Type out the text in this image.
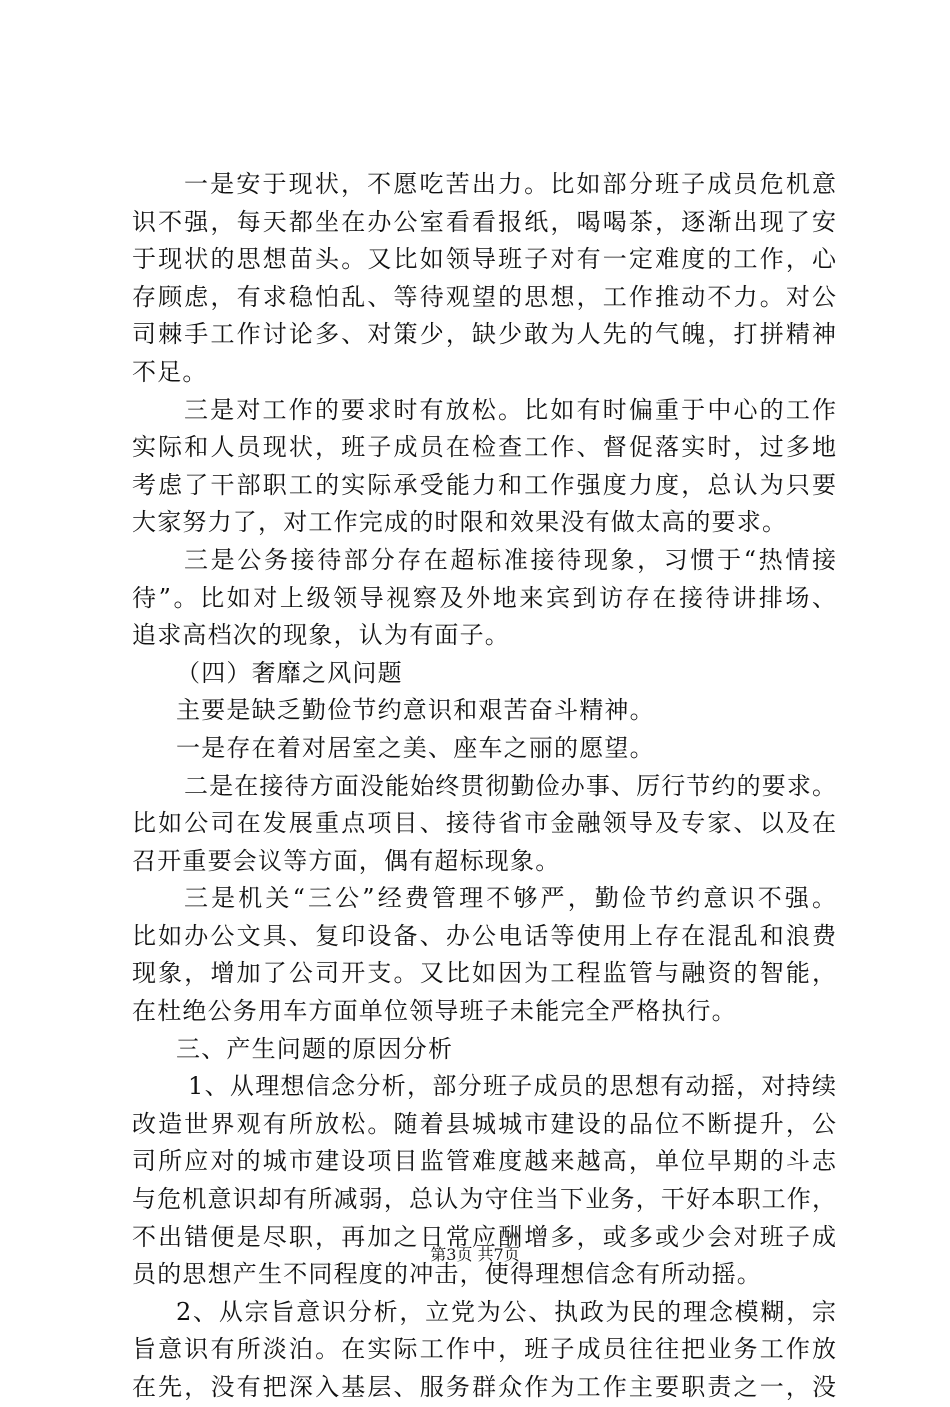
一是安于现状，不愿吃苦出力。比如部分班子成员危机意
识不强，每天都坐在办公室看看报纸，喝喝茶，逐渐出现了安
于现状的思想苗头。又比如领导班子对有一定难度的工作，心
存顾虑，有求稳怕乱、等待观望的思想，工作推动不力。对公
司棘手工作讨论多、对策少，缺少敢为人先的气魄，打拼精神
不足。
三是对工作的要求时有放松。比如有时偏重于中心的工作
实际和人员现状，班子成员在检查工作、督促落实时，过多地
考虑了干部职工的实际承受能力和工作强度力度，总认为只要
大家努力了，对工作完成的时限和效果没有做太高的要求。
三是公务接待部分存在超标准接待现象，习惯于“热情接
待”。比如对上级领导视察及外地来宾到访存在接待讲排场、
追求高档次的现象，认为有面子。
（四）奢靡之风问题
主要是缺乏勤俭节约意识和艰苦奋斗精神。
一是存在着对居室之美、座车之丽的愿望。
二是在接待方面没能始终贯彻勤俭办事、厉行节约的要求。
比如公司在发展重点项目、接待省市金融领导及专家、以及在
召开重要会议等方面，偶有超标现象。
三是机关“三公”经费管理不够严，勤俭节约意识不强。
比如办公文具、复印设备、办公电话等使用上存在混乱和浪费
现象，增加了公司开支。又比如因为工程监管与融资的智能，
在杜绝公务用车方面单位领导班子未能完全严格执行。
三、产生问题的原因分析
1、从理想信念分析，部分班子成员的思想有动摇，对持续
改造世界观有所放松。随着县城城市建设的品位不断提升，公
司所应对的城市建设项目监管难度越来越高，单位早期的斗志
与危机意识却有所减弱，总认为守住当下业务，干好本职工作，
不出错便是尽职，再加之日常应酬增多，或多或少会对班子成
员的思想产生不同程度的冲击，使得理想信念有所动摇。
2、从宗旨意识分析，立党为公、执政为民的理念模糊，宗
旨意识有所淡泊。在实际工作中，班子成员往往把业务工作放
在先，没有把深入基层、服务群众作为工作主要职责之一，没
第3页 共7页
